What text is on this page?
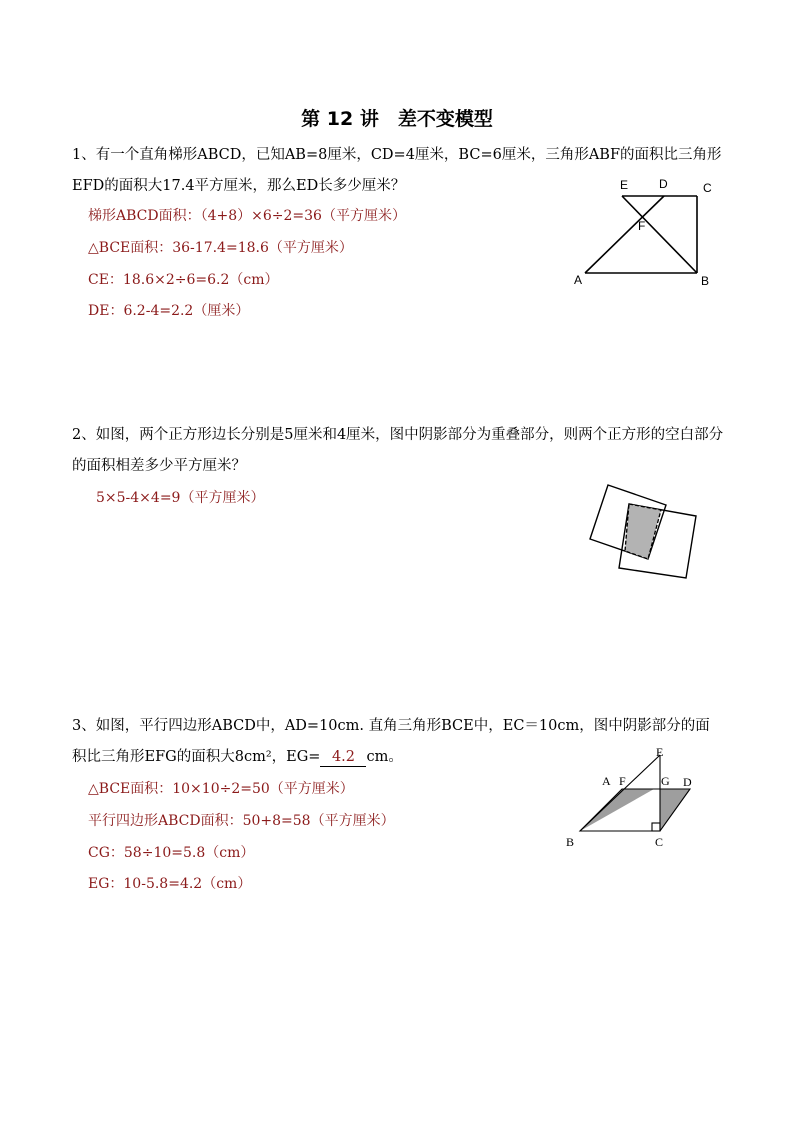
第 12 讲　差不变模型

1、有一个直角梯形ABCD，已知AB=8厘米，CD=4厘米，BC=6厘米，三角形ABF的面积比三角形EFD的面积大17.4平方厘米，那么ED长多少厘米？

梯形ABCD面积：（4+8）×6÷2=36（平方厘米）

△BCE面积：36-17.4=18.6（平方厘米）

CE：18.6×2÷6=6.2（cm）

DE：6.2-4=2.2（厘米）

E	D	C
F
A	B

2、如图，两个正方形边长分别是5厘米和4厘米，图中阴影部分为重叠部分，则两个正方形的空白部分的面积相差多少平方厘米？

5×5-4×4=9（平方厘米）

3、如图，平行四边形ABCD中，AD=10cm. 直角三角形BCE中，EC＝10cm，图中阴影部分的面积比三角形EFG的面积大8cm²，EG= 4.2 cm。

△BCE面积：10×10÷2=50（平方厘米）

平行四边形ABCD面积：50+8=58（平方厘米）

CG：58÷10=5.8（cm）

EG：10-5.8=4.2（cm）

E
A F	G D
B	C
